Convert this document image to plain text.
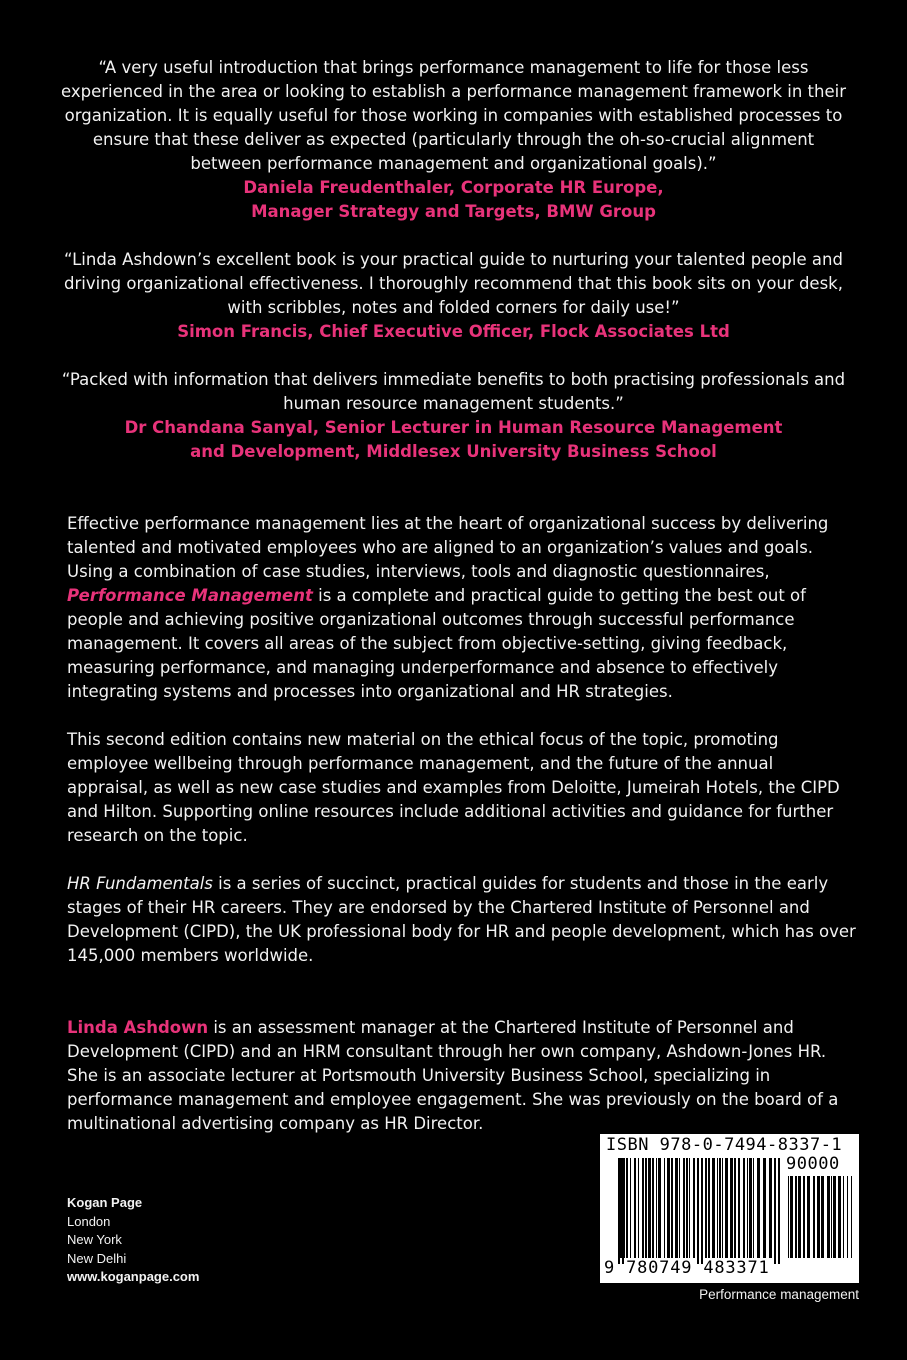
“A very useful introduction that brings performance management to life for those less experienced in the area or looking to establish a performance management framework in their organization. It is equally useful for those working in companies with established processes to ensure that these deliver as expected (particularly through the oh-so-crucial alignment between performance management and organizational goals).”

Daniela Freudenthaler, Corporate HR Europe,

Manager Strategy and Targets, BMW Group

“Linda Ashdown’s excellent book is your practical guide to nurturing your talented people and driving organizational effectiveness. I thoroughly recommend that this book sits on your desk, with scribbles, notes and folded corners for daily use!”

Simon Francis, Chief Executive Officer, Flock Associates Ltd

“Packed with information that delivers immediate benefits to both practising professionals and human resource management students.”

Dr Chandana Sanyal, Senior Lecturer in Human Resource Management

and Development, Middlesex University Business School

Effective performance management lies at the heart of organizational success by delivering talented and motivated employees who are aligned to an organization’s values and goals. Using a combination of case studies, interviews, tools and diagnostic questionnaires, Performance Management is a complete and practical guide to getting the best out of people and achieving positive organizational outcomes through successful performance management. It covers all areas of the subject from objective-setting, giving feedback, measuring performance, and managing underperformance and absence to effectively integrating systems and processes into organizational and HR strategies.

This second edition contains new material on the ethical focus of the topic, promoting employee wellbeing through performance management, and the future of the annual appraisal, as well as new case studies and examples from Deloitte, Jumeirah Hotels, the CIPD and Hilton. Supporting online resources include additional activities and guidance for further research on the topic.

HR Fundamentals is a series of succinct, practical guides for students and those in the early stages of their HR careers. They are endorsed by the Chartered Institute of Personnel and Development (CIPD), the UK professional body for HR and people development, which has over 145,000 members worldwide.

Linda Ashdown is an assessment manager at the Chartered Institute of Personnel and Development (CIPD) and an HRM consultant through her own company, Ashdown-Jones HR. She is an associate lecturer at Portsmouth University Business School, specializing in performance management and employee engagement. She was previously on the board of a multinational advertising company as HR Director.

Kogan Page
London
New York
New Delhi
www.koganpage.com
ISBN 978-0-7494-8337-1
90000
9 780749 483371
Performance management
